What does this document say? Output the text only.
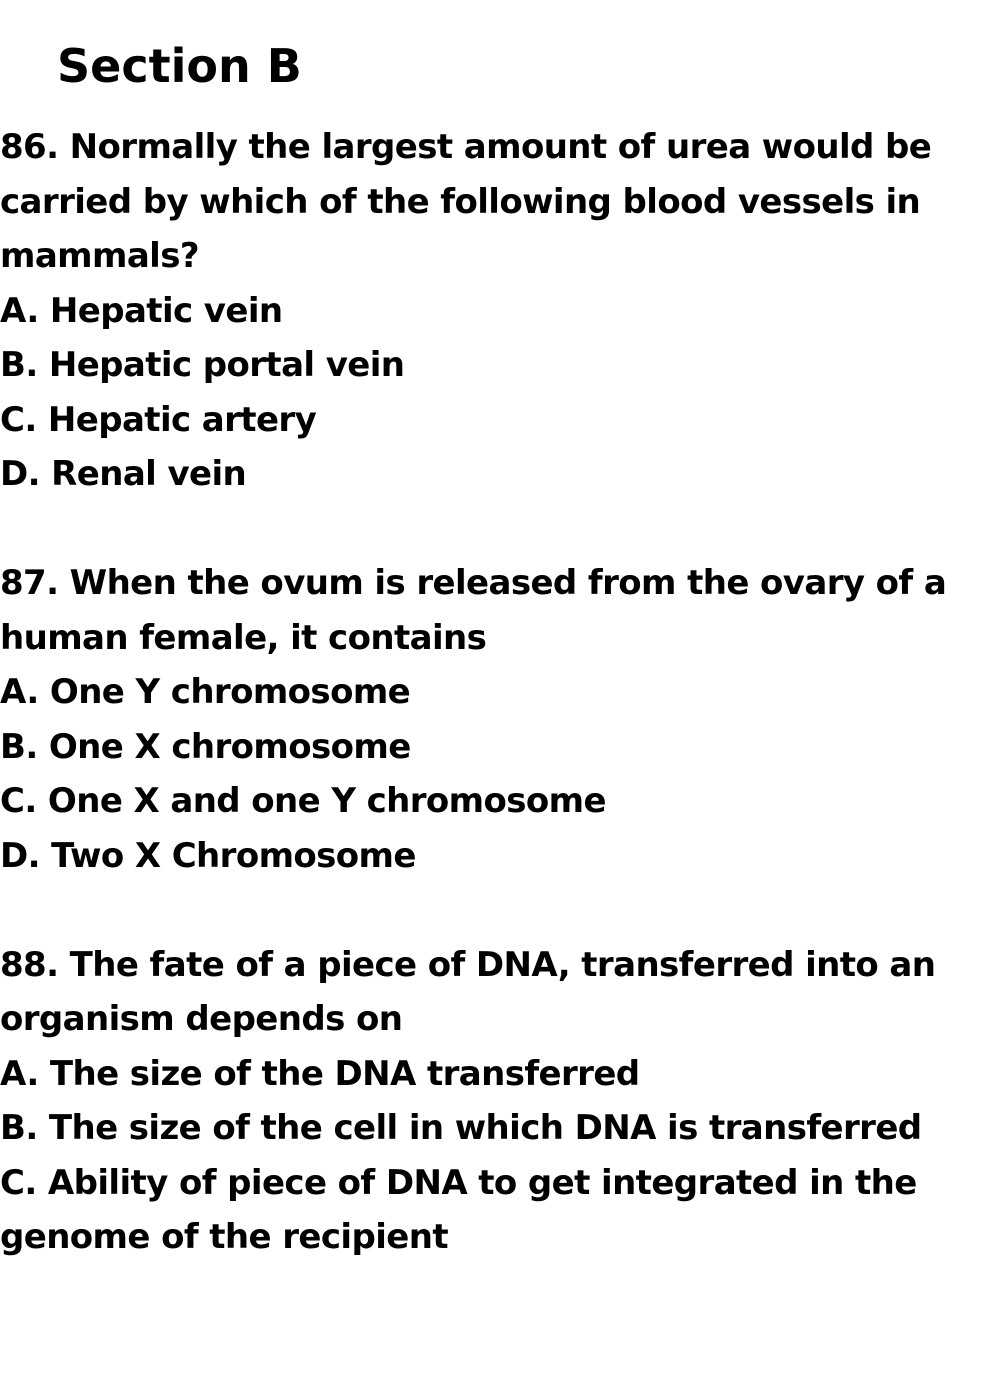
Section B
86. Normally the largest amount of urea would be
carried by which of the following blood vessels in
mammals?
A. Hepatic vein
B. Hepatic portal vein
C. Hepatic artery
D. Renal vein
87. When the ovum is released from the ovary of a
human female, it contains
A. One Y chromosome
B. One X chromosome
C. One X and one Y chromosome
D. Two X Chromosome
88. The fate of a piece of DNA, transferred into an
organism depends on
A. The size of the DNA transferred
B. The size of the cell in which DNA is transferred
C. Ability of piece of DNA to get integrated in the
genome of the recipient
